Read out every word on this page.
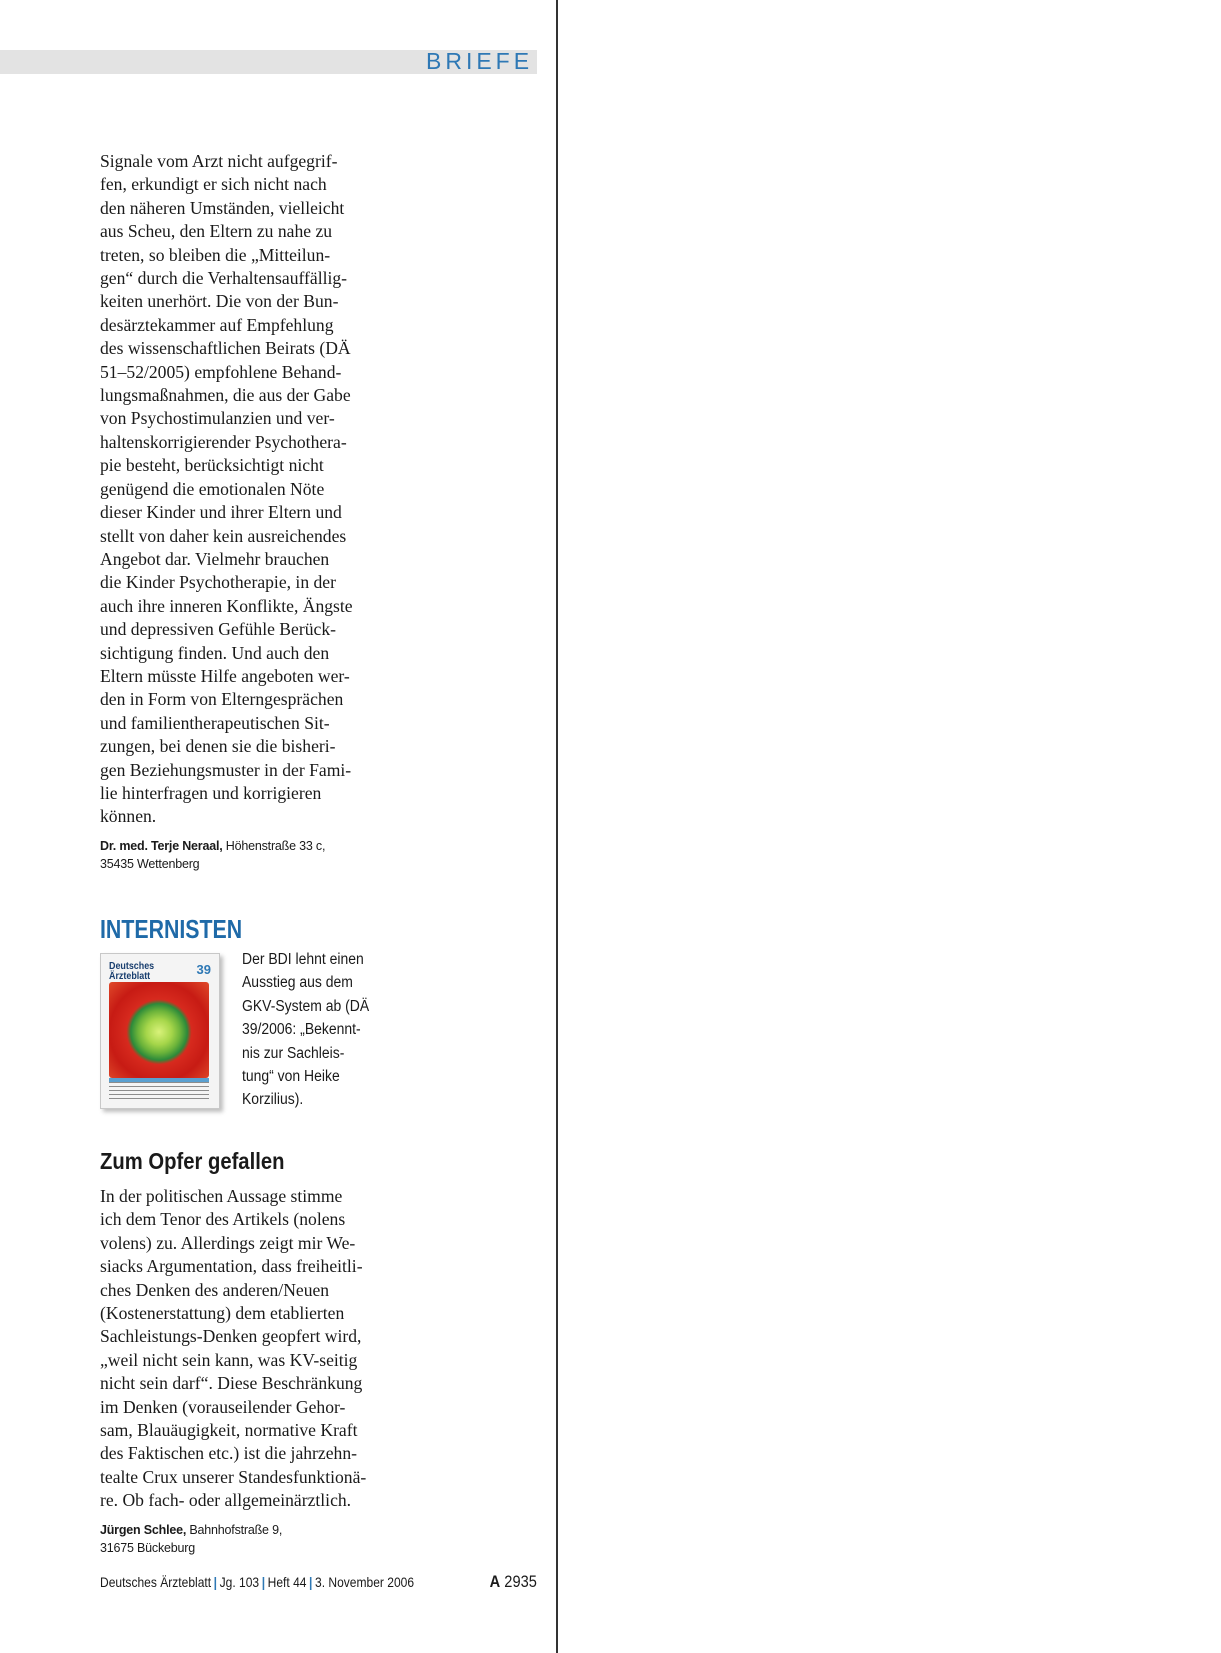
BRIEFE

Signale vom Arzt nicht aufgegrif-
fen, erkundigt er sich nicht nach
den näheren Umständen, vielleicht
aus Scheu, den Eltern zu nahe zu
treten, so bleiben die „Mitteilun-
gen“ durch die Verhaltensauffällig-
keiten unerhört. Die von der Bun-
desärztekammer auf Empfehlung
des wissenschaftlichen Beirats (DÄ
51–52/2005) empfohlene Behand-
lungsmaßnahmen, die aus der Gabe
von Psychostimulanzien und ver-
haltenskorrigierender Psychothera-
pie besteht, berücksichtigt nicht
genügend die emotionalen Nöte
dieser Kinder und ihrer Eltern und
stellt von daher kein ausreichendes
Angebot dar. Vielmehr brauchen
die Kinder Psychotherapie, in der
auch ihre inneren Konflikte, Ängste
und depressiven Gefühle Berück-
sichtigung finden. Und auch den
Eltern müsste Hilfe angeboten wer-
den in Form von Elterngesprächen
und familientherapeutischen Sit-
zungen, bei denen sie die bisheri-
gen Beziehungsmuster in der Fami-
lie hinterfragen und korrigieren
können.

Dr. med. Terje Neraal, Höhenstraße 33 c,
35435 Wettenberg

INTERNISTEN
Deutsches
Ärzteblatt	39
Der BDI lehnt einen
Ausstieg aus dem
GKV-System ab (DÄ
39/2006: „Bekennt-
nis zur Sachleis-
tung“ von Heike
Korzilius).
Zum Opfer gefallen

In der politischen Aussage stimme
ich dem Tenor des Artikels (nolens
volens) zu. Allerdings zeigt mir We-
siacks Argumentation, dass freiheitli-
ches Denken des anderen/Neuen
(Kostenerstattung) dem etablierten
Sachleistungs-Denken geopfert wird,
„weil nicht sein kann, was KV-seitig
nicht sein darf“. Diese Beschränkung
im Denken (vorauseilender Gehor-
sam, Blauäugigkeit, normative Kraft
des Faktischen etc.) ist die jahrzehn-
tealte Crux unserer Standesfunktionä-
re. Ob fach- oder allgemeinärztlich.

Jürgen Schlee, Bahnhofstraße 9,
31675 Bückeburg

Deutsches Ärzteblatt | Jg. 103 | Heft 44 | 3. November 2006	A 2935
